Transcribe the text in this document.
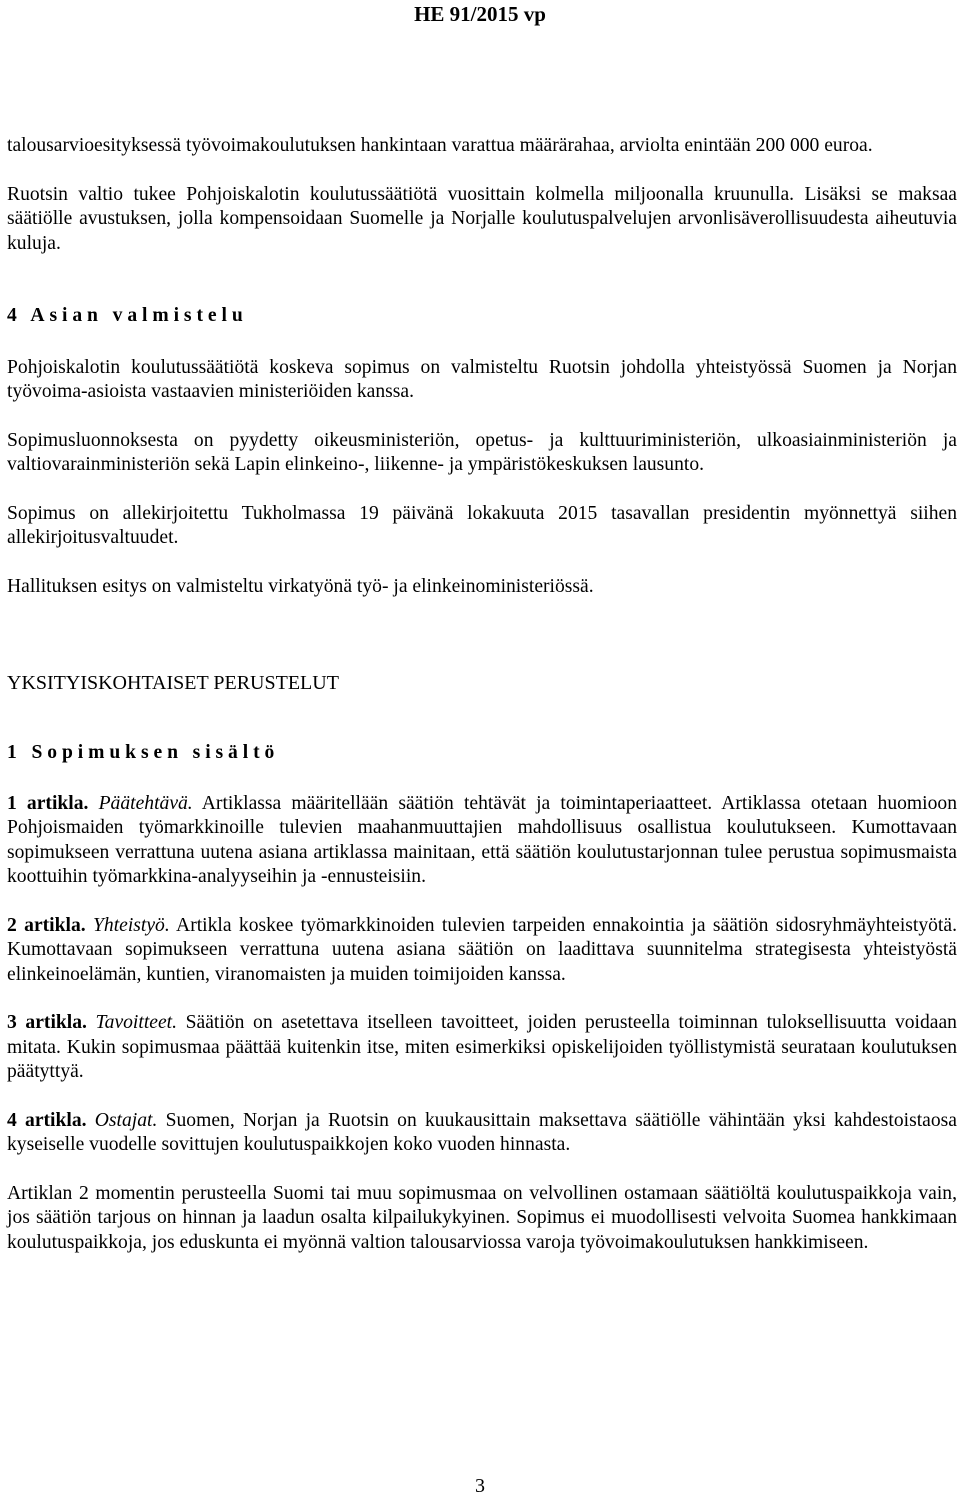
HE 91/2015 vp

talousarvioesityksessä työvoimakoulutuksen hankintaan varattua määrärahaa, arviolta enintään 200 000 euroa.

Ruotsin valtio tukee Pohjoiskalotin koulutussäätiötä vuosittain kolmella miljoonalla kruunulla. Lisäksi se maksaa säätiölle avustuksen, jolla kompensoidaan Suomelle ja Norjalle koulutuspalvelujen arvonlisäverollisuudesta aiheutuvia kuluja.

4 Asian valmistelu

Pohjoiskalotin koulutussäätiötä koskeva sopimus on valmisteltu Ruotsin johdolla yhteistyössä Suomen ja Norjan työvoima-asioista vastaavien ministeriöiden kanssa.

Sopimusluonnoksesta on pyydetty oikeusministeriön, opetus- ja kulttuuriministeriön, ulkoasiainministeriön ja valtiovarainministeriön sekä Lapin elinkeino-, liikenne- ja ympäristökeskuksen lausunto.

Sopimus on allekirjoitettu Tukholmassa 19 päivänä lokakuuta 2015 tasavallan presidentin myönnettyä siihen allekirjoitusvaltuudet.

Hallituksen esitys on valmisteltu virkatyönä työ- ja elinkeinoministeriössä.

YKSITYISKOHTAISET PERUSTELUT
1 Sopimuksen sisältö

1 artikla. Päätehtävä. Artiklassa määritellään säätiön tehtävät ja toimintaperiaatteet. Artiklassa otetaan huomioon Pohjoismaiden työmarkkinoille tulevien maahanmuuttajien mahdollisuus osallistua koulutukseen. Kumottavaan sopimukseen verrattuna uutena asiana artiklassa mainitaan, että säätiön koulutustarjonnan tulee perustua sopimusmaista koottuihin työmarkkina-analyyseihin ja -ennusteisiin.

2 artikla. Yhteistyö. Artikla koskee työmarkkinoiden tulevien tarpeiden ennakointia ja säätiön sidosryhmäyhteistyötä. Kumottavaan sopimukseen verrattuna uutena asiana säätiön on laadittava suunnitelma strategisesta yhteistyöstä elinkeinoelämän, kuntien, viranomaisten ja muiden toimijoiden kanssa.

3 artikla. Tavoitteet. Säätiön on asetettava itselleen tavoitteet, joiden perusteella toiminnan tuloksellisuutta voidaan mitata. Kukin sopimusmaa päättää kuitenkin itse, miten esimerkiksi opiskelijoiden työllistymistä seurataan koulutuksen päätyttyä.

4 artikla. Ostajat. Suomen, Norjan ja Ruotsin on kuukausittain maksettava säätiölle vähintään yksi kahdestoistaosa kyseiselle vuodelle sovittujen koulutuspaikkojen koko vuoden hinnasta.

Artiklan 2 momentin perusteella Suomi tai muu sopimusmaa on velvollinen ostamaan säätiöltä koulutuspaikkoja vain, jos säätiön tarjous on hinnan ja laadun osalta kilpailukykyinen. Sopimus ei muodollisesti velvoita Suomea hankkimaan koulutuspaikkoja, jos eduskunta ei myönnä valtion talousarviossa varoja työvoimakoulutuksen hankkimiseen.

3
